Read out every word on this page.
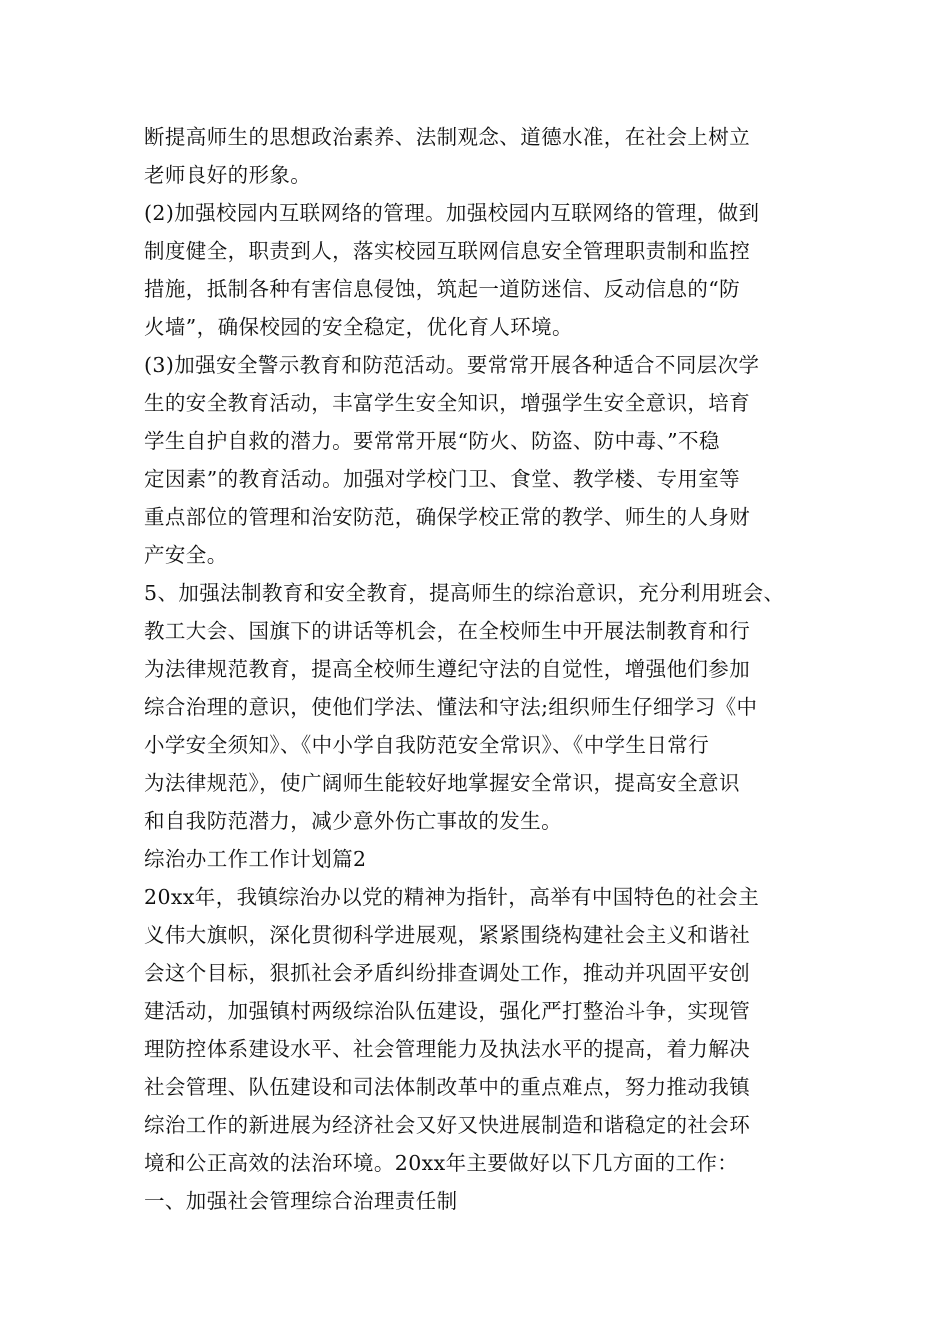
断提高师生的思想政治素养、法制观念、道德水准，在社会上树立
老师良好的形象。
(2)加强校园内互联网络的管理。加强校园内互联网络的管理，做到
制度健全，职责到人，落实校园互联网信息安全管理职责制和监控
措施，抵制各种有害信息侵蚀，筑起一道防迷信、反动信息的“防
火墙”，确保校园的安全稳定，优化育人环境。
(3)加强安全警示教育和防范活动。要常常开展各种适合不同层次学
生的安全教育活动，丰富学生安全知识，增强学生安全意识，培育
学生自护自救的潜力。要常常开展“防火、防盗、防中毒、”不稳
定因素”的教育活动。加强对学校门卫、食堂、教学楼、专用室等
重点部位的管理和治安防范，确保学校正常的教学、师生的人身财
产安全。
5、加强法制教育和安全教育，提高师生的综治意识，充分利用班会、
教工大会、国旗下的讲话等机会，在全校师生中开展法制教育和行
为法律规范教育，提高全校师生遵纪守法的自觉性，增强他们参加
综合治理的意识，使他们学法、懂法和守法;组织师生仔细学习《中
小学安全须知》、《中小学自我防范安全常识》、《中学生日常行
为法律规范》，使广阔师生能较好地掌握安全常识，提高安全意识
和自我防范潜力，减少意外伤亡事故的发生。
综治办工作工作计划篇2
20xx年，我镇综治办以党的精神为指针，高举有中国特色的社会主
义伟大旗帜，深化贯彻科学进展观，紧紧围绕构建社会主义和谐社
会这个目标，狠抓社会矛盾纠纷排查调处工作，推动并巩固平安创
建活动，加强镇村两级综治队伍建设，强化严打整治斗争，实现管
理防控体系建设水平、社会管理能力及执法水平的提高，着力解决
社会管理、队伍建设和司法体制改革中的重点难点，努力推动我镇
综治工作的新进展为经济社会又好又快进展制造和谐稳定的社会环
境和公正高效的法治环境。20xx年主要做好以下几方面的工作：
一、加强社会管理综合治理责任制
